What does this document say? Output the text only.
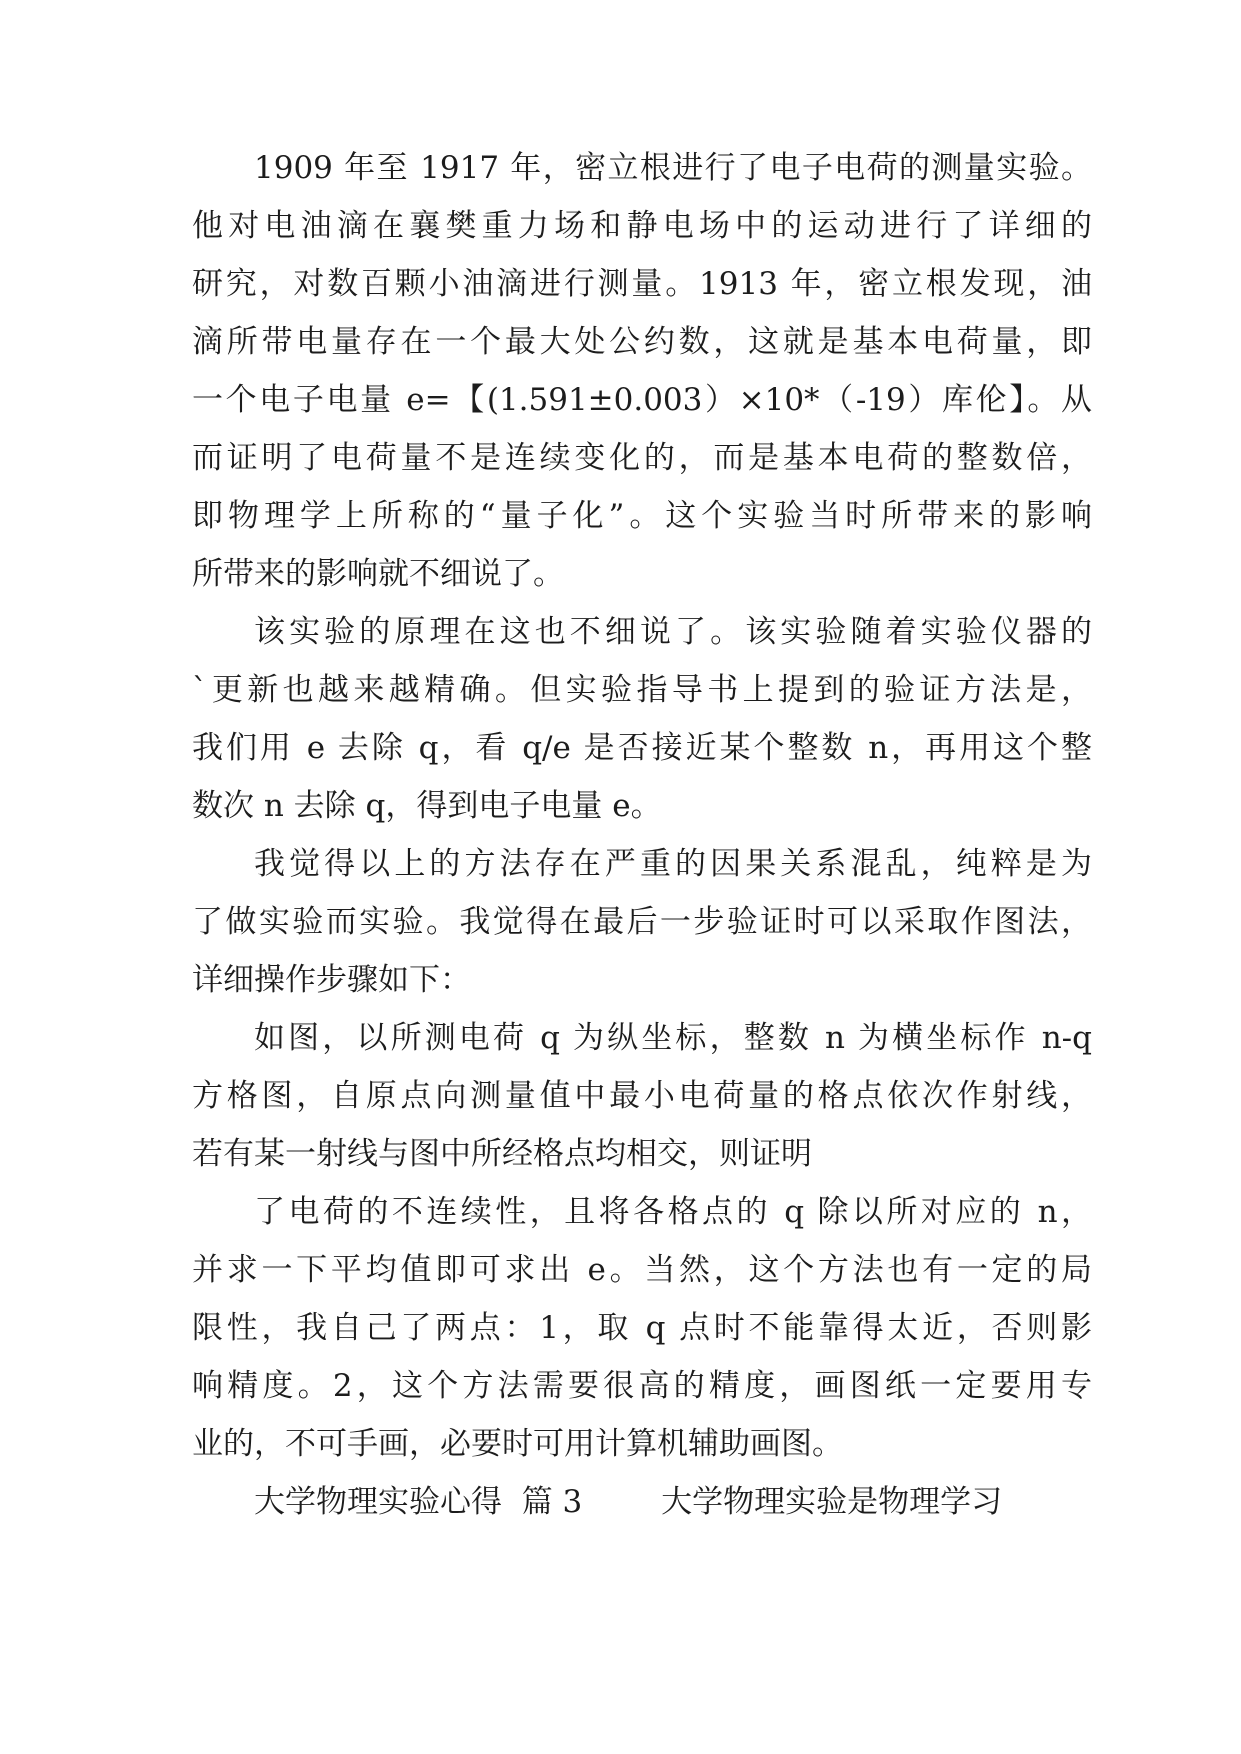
1909 年至 1917 年，密立根进行了电子电荷的测量实验。
他对电油滴在襄樊重力场和静电场中的运动进行了详细的
研究，对数百颗小油滴进行测量。1913 年，密立根发现，油
滴所带电量存在一个最大处公约数，这就是基本电荷量，即
一个电子电量 e=【(1.591±0.003）×10*（-19）库伦】。从
而证明了电荷量不是连续变化的，而是基本电荷的整数倍，
即物理学上所称的“量子化”。这个实验当时所带来的影响
所带来的影响就不细说了。
该实验的原理在这也不细说了。该实验随着实验仪器的
`更新也越来越精确。但实验指导书上提到的验证方法是，
我们用 e 去除 q，看 q/e 是否接近某个整数 n，再用这个整
数次 n 去除 q，得到电子电量 e。
我觉得以上的方法存在严重的因果关系混乱，纯粹是为
了做实验而实验。我觉得在最后一步验证时可以采取作图法，
详细操作步骤如下：
如图，以所测电荷 q 为纵坐标，整数 n 为横坐标作 n-q
方格图，自原点向测量值中最小电荷量的格点依次作射线，
若有某一射线与图中所经格点均相交，则证明
了电荷的不连续性，且将各格点的 q 除以所对应的 n，
并求一下平均值即可求出 e。当然，这个方法也有一定的局
限性，我自己了两点：1，取 q 点时不能靠得太近，否则影
响精度。2，这个方法需要很高的精度，画图纸一定要用专
业的，不可手画，必要时可用计算机辅助画图。
大学物理实验心得  篇 3        大学物理实验是物理学习
